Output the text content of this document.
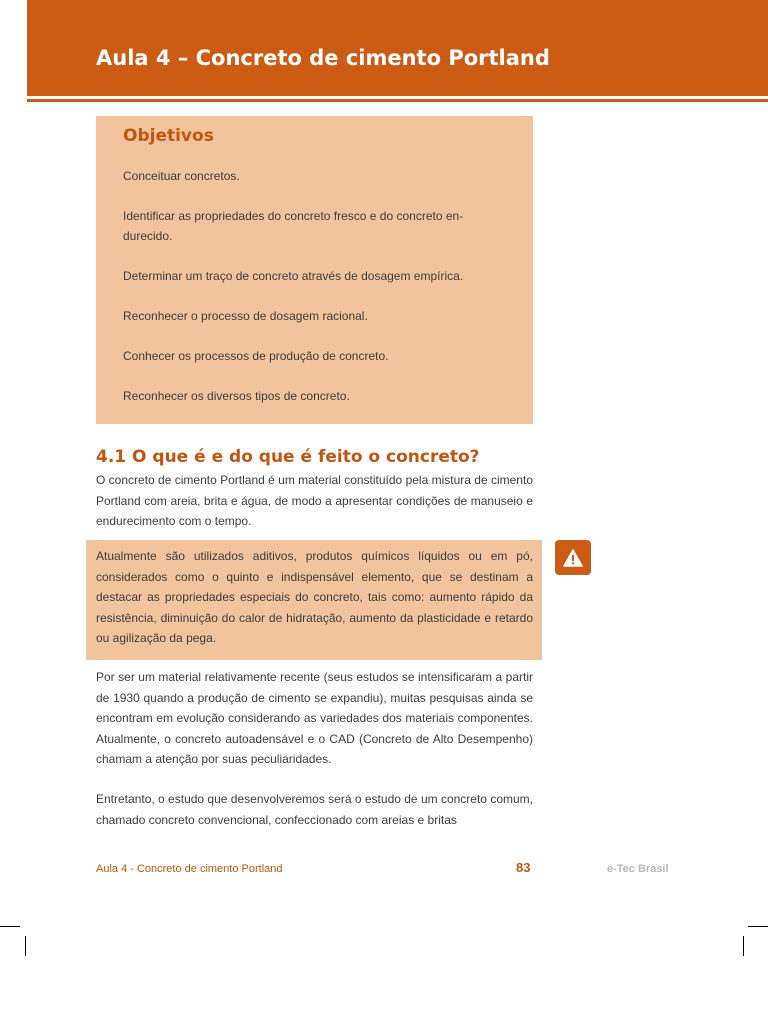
Aula 4 – Concreto de cimento Portland
Objetivos

Conceituar concretos.

Identificar as propriedades do concreto fresco e do concreto en- durecido.

Determinar um traço de concreto através de dosagem empírica.

Reconhecer o processo de dosagem racional.

Conhecer os processos de produção de concreto.

Reconhecer os diversos tipos de concreto.

4.1 O que é e do que é feito o concreto?

O concreto de cimento Portland é um material constituído pela mistura de cimento Portland com areia, brita e água, de modo a apresentar condições de manuseio e endurecimento com o tempo.

Atualmente são utilizados aditivos, produtos químicos líquidos ou em pó, considerados como o quinto e indispensável elemento, que se destinam a destacar as propriedades especiais do concreto, tais como: aumento rápido da resistência, diminuição do calor de hidratação, aumento da plasticidade e retardo ou agilização da pega.

Por ser um material relativamente recente (seus estudos se intensificaram a partir de 1930 quando a produção de cimento se expandiu), muitas pesquisas ainda se encontram em evolução considerando as variedades dos materiais componentes. Atualmente, o concreto autoadensável e o CAD (Concreto de Alto Desempenho) chamam a atenção por suas peculiaridades.

Entretanto, o estudo que desenvolveremos será o estudo de um concreto comum, chamado concreto convencional, confeccionado com areias e britas

Aula 4 - Concreto de cimento Portland	83	e-Tec Brasil
